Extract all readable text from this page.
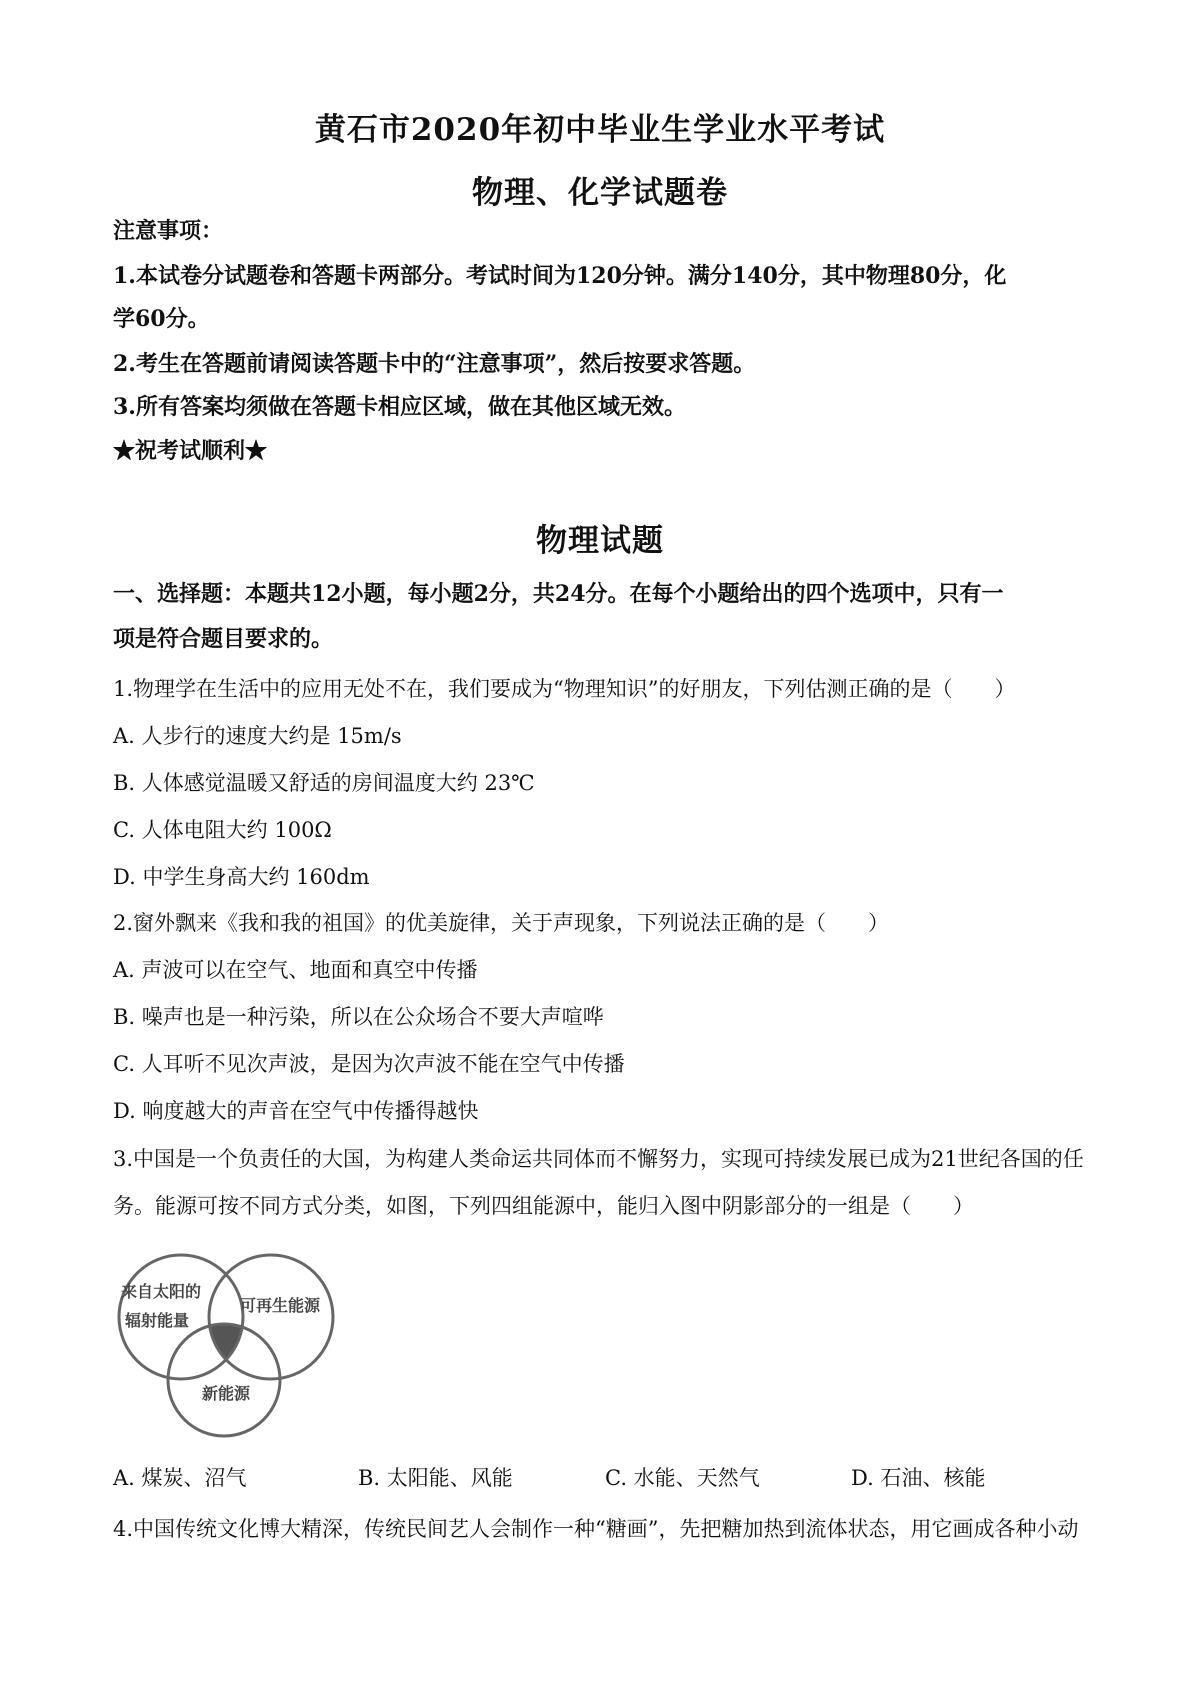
黄石市2020年初中毕业生学业水平考试
物理、化学试题卷
注意事项：
1.本试卷分试题卷和答题卡两部分。考试时间为120分钟。满分140分，其中物理80分，化
学60分。
2.考生在答题前请阅读答题卡中的“注意事项”，然后按要求答题。
3.所有答案均须做在答题卡相应区域，做在其他区域无效。
★祝考试顺利★
物理试题
一、选择题：本题共12小题，每小题2分，共24分。在每个小题给出的四个选项中，只有一
项是符合题目要求的。
1.物理学在生活中的应用无处不在，我们要成为“物理知识”的好朋友，下列估测正确的是（　　）
A. 人步行的速度大约是 15m/s
B. 人体感觉温暖又舒适的房间温度大约 23℃
C. 人体电阻大约 100Ω
D. 中学生身高大约 160dm
2.窗外飘来《我和我的祖国》的优美旋律，关于声现象，下列说法正确的是（　　）
A. 声波可以在空气、地面和真空中传播
B. 噪声也是一种污染，所以在公众场合不要大声喧哗
C. 人耳听不见次声波，是因为次声波不能在空气中传播
D. 响度越大的声音在空气中传播得越快
3.中国是一个负责任的大国，为构建人类命运共同体而不懈努力，实现可持续发展已成为21世纪各国的任
务。能源可按不同方式分类，如图，下列四组能源中，能归入图中阴影部分的一组是（　　）
来自太阳的
辐射能量
可再生能源
新能源
A. 煤炭、沼气	B. 太阳能、风能	C. 水能、天然气	D. 石油、核能
4.中国传统文化博大精深，传统民间艺人会制作一种“糖画”，先把糖加热到流体状态，用它画成各种小动
